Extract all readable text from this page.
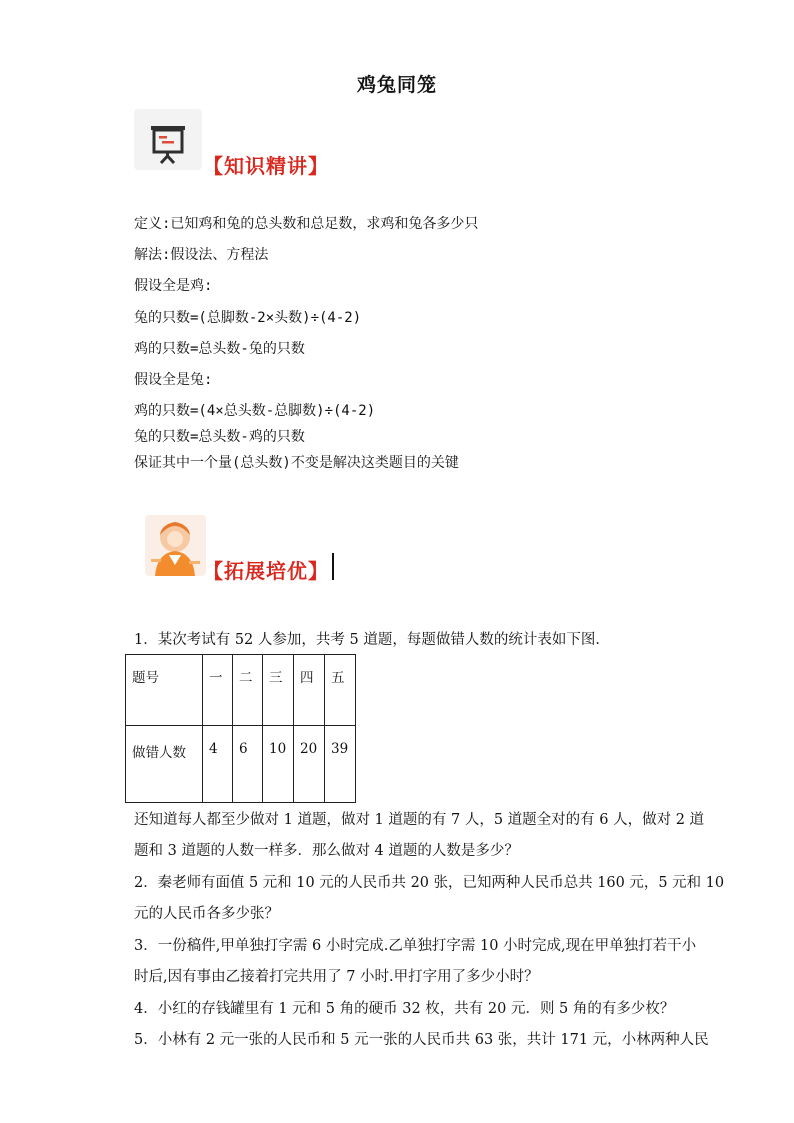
鸡兔同笼
【知识精讲】
定义:已知鸡和兔的总头数和总足数，求鸡和兔各多少只
解法:假设法、方程法
假设全是鸡:
兔的只数=(总脚数-2×头数)÷(4-2)
鸡的只数=总头数-兔的只数
假设全是兔:
鸡的只数=(4×总头数-总脚数)÷(4-2)
兔的只数=总头数-鸡的只数
保证其中一个量(总头数)不变是解决这类题目的关键
【拓展培优】
1．某次考试有 52 人参加，共考 5 道题，每题做错人数的统计表如下图．
题号	一	二	三	四	五
做错人数	4	6	10	20	39
还知道每人都至少做对 1 道题，做对 1 道题的有 7 人，5 道题全对的有 6 人，做对 2 道
题和 3 道题的人数一样多．那么做对 4 道题的人数是多少？
2．秦老师有面值 5 元和 10 元的人民币共 20 张，已知两种人民币总共 160 元，5 元和 10
元的人民币各多少张？
3．一份稿件,甲单独打字需 6 小时完成.乙单独打字需 10 小时完成,现在甲单独打若干小
时后,因有事由乙接着打完共用了 7 小时.甲打字用了多少小时？
4．小红的存钱罐里有 1 元和 5 角的硬币 32 枚，共有 20 元．则 5 角的有多少枚？
5．小林有 2 元一张的人民币和 5 元一张的人民币共 63 张，共计 171 元，小林两种人民
